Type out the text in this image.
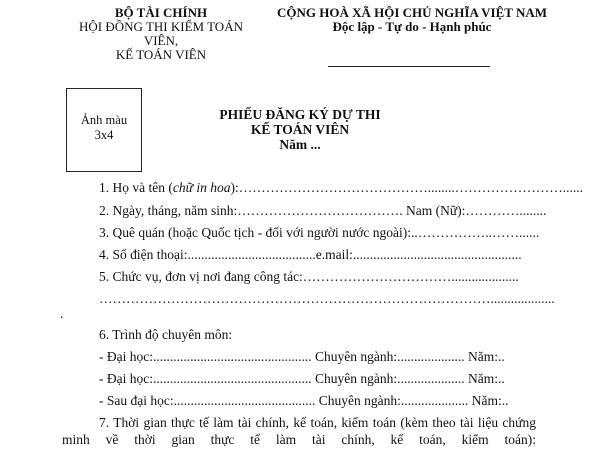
BỘ TÀI CHÍNH
HỘI ĐỒNG THI KIỂM TOÁN
VIÊN,
KẾ TOÁN VIÊN
CỘNG HOÀ XÃ HỘI CHỦ NGHĨA VIỆT NAM
Độc lập - Tự do - Hạnh phúc
Ảnh màu
3x4
PHIẾU ĐĂNG KÝ DỰ THI
KẾ TOÁN VIÊN
Năm ...
1. Họ và tên (chữ in hoa):……………………………………........……………………......
2. Ngày, tháng, năm sinh:………………………………. Nam (Nữ):…………........
3. Quê quán (hoặc Quốc tịch - đối với người nước ngoài):..……………..……......
4. Số điện thoại:......................................e.mail:..................................................
5. Chức vụ, đơn vị nơi đang công tác:……………………………....................
……………………………………………………………………………...................
.
6. Trình độ chuyên môn:
- Đại học:............................................... Chuyên ngành:.................... Năm:..
- Đại học:............................................... Chuyên ngành:.................... Năm:..
- Sau đại học:.......................................... Chuyên ngành:.................... Năm:..
7. Thời gian thực tế làm tài chính, kế toán, kiểm toán (kèm theo tài liệu chứng minh về thời gian thực tế làm tài chính, kế toán, kiểm toán):
